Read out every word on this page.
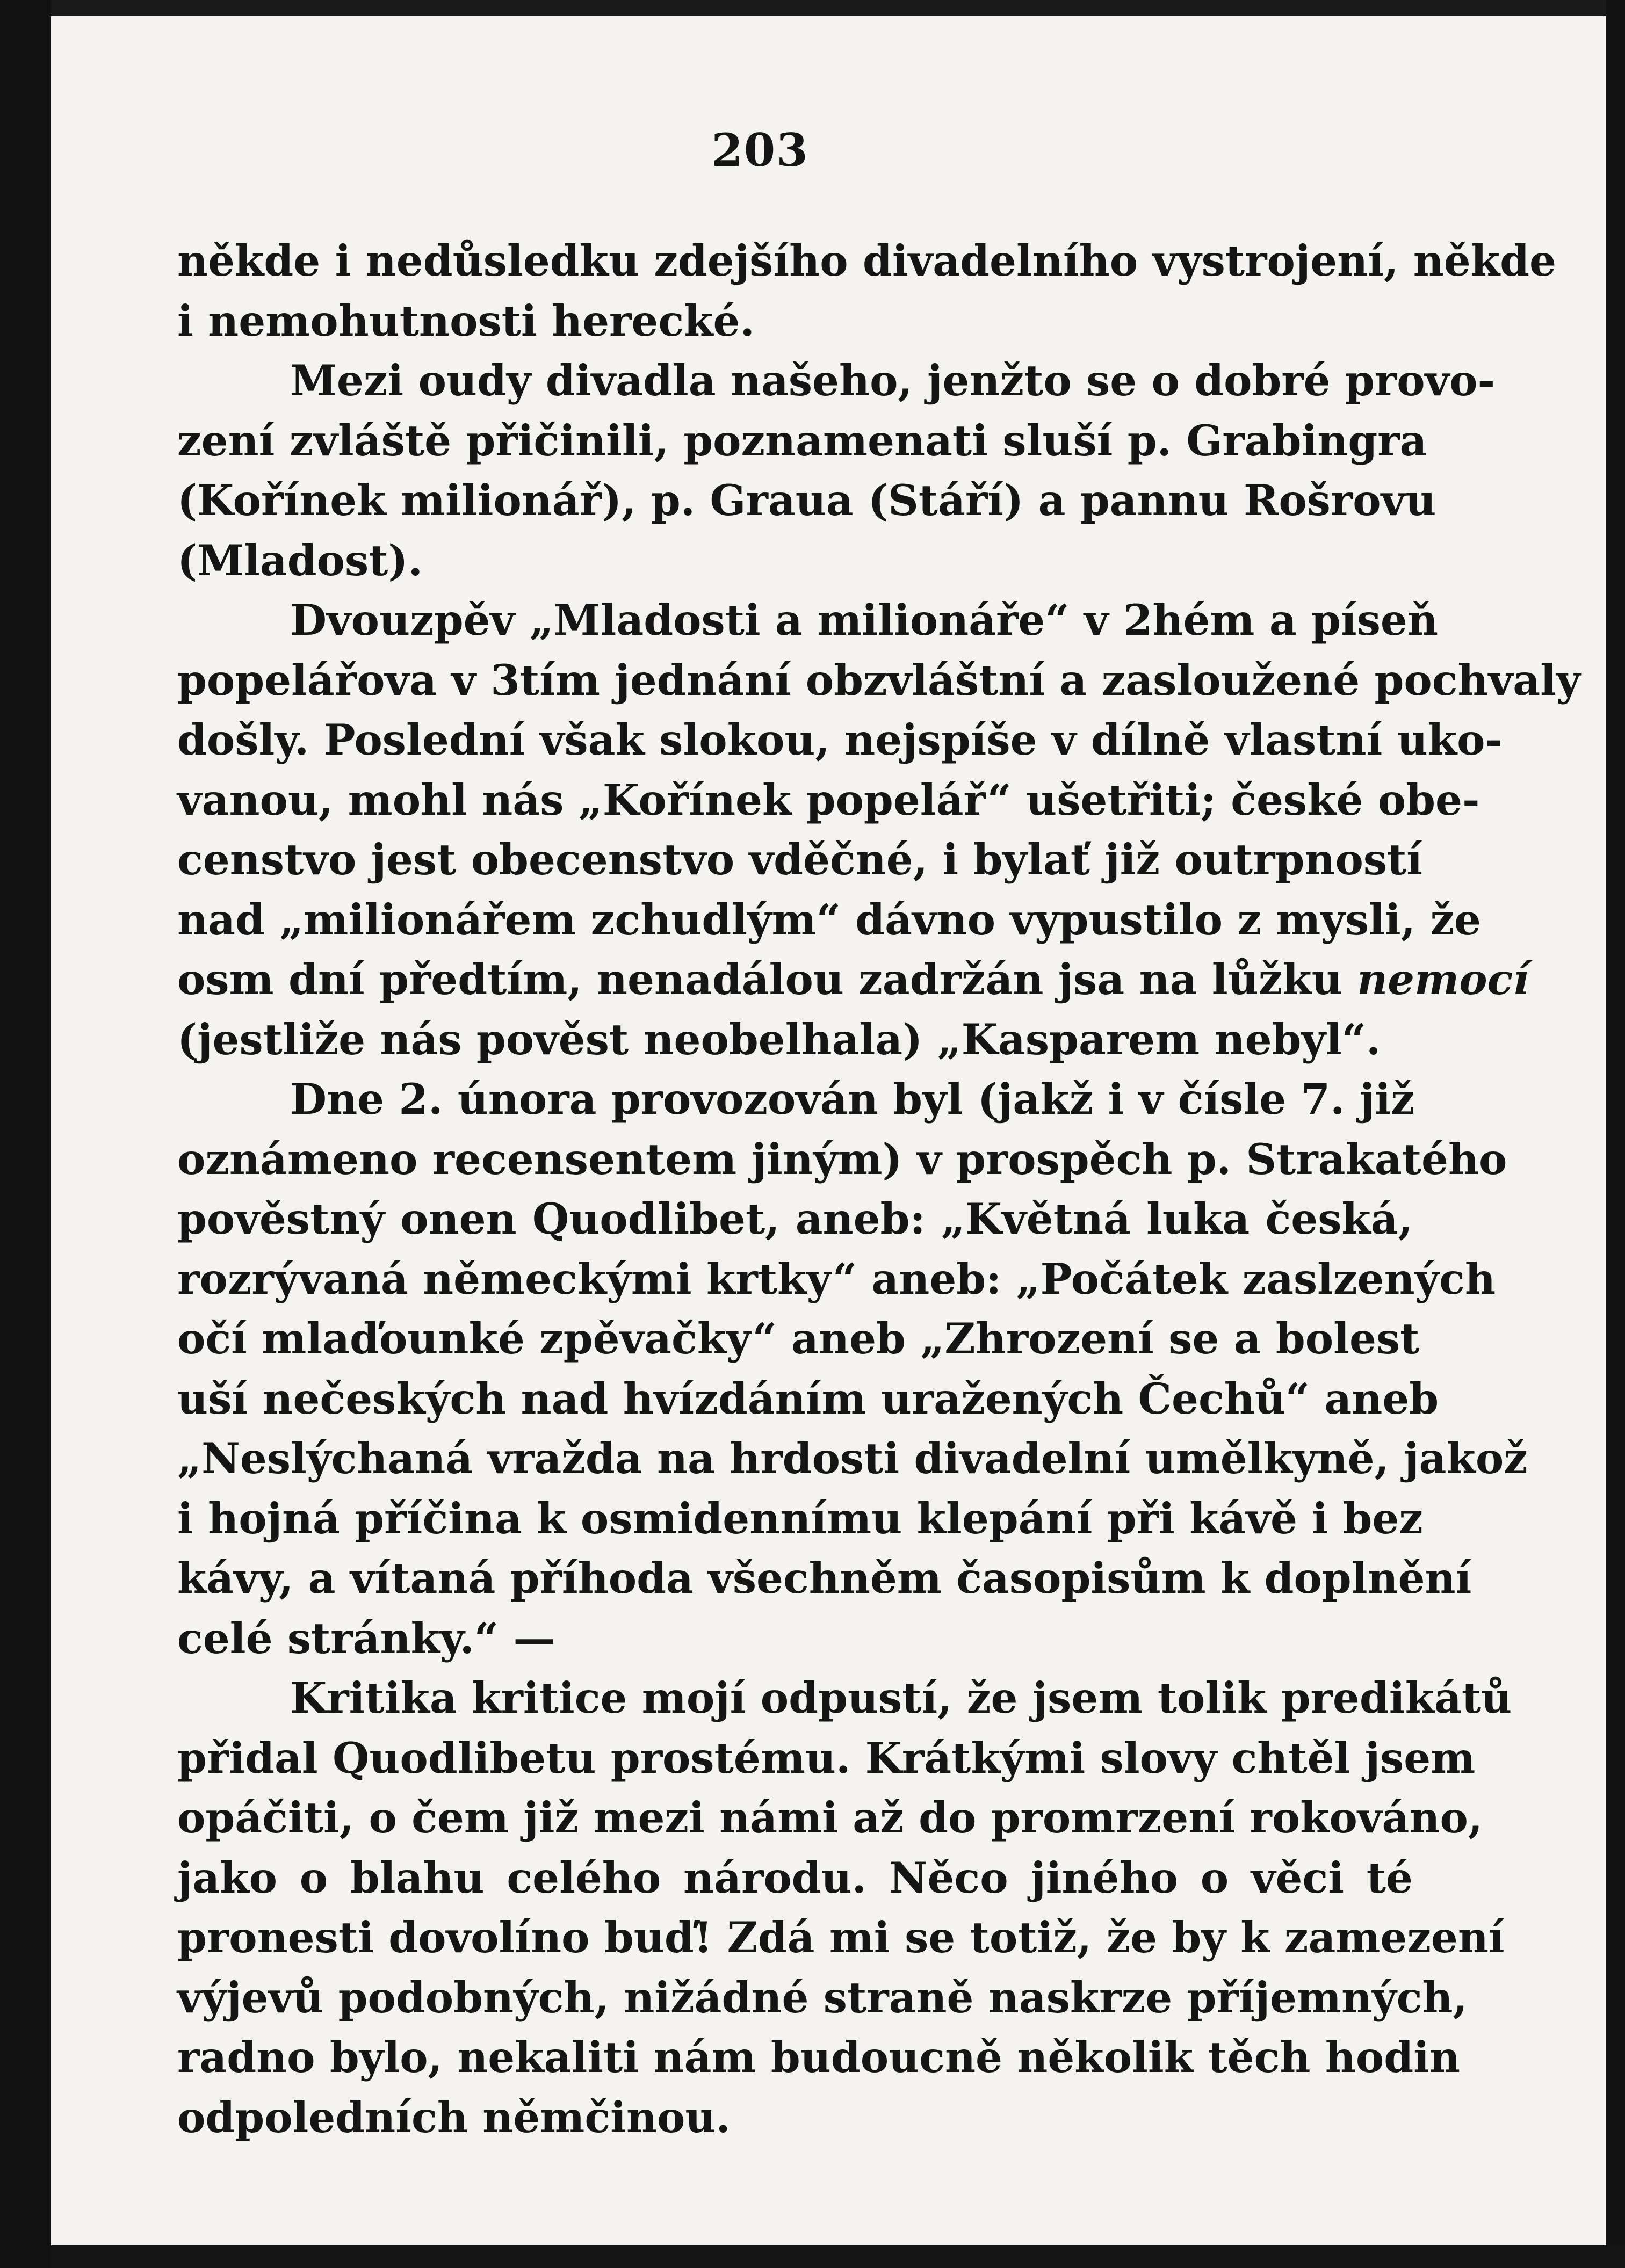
203
někde i nedůsledku zdejšího divadelního vystrojení, někde
i nemohutnosti herecké.
Mezi oudy divadla našeho, jenžto se o dobré provo-
zení zvláště přičinili, poznamenati sluší p. Grabingra
(Kořínek milionář), p. Graua (Stáří) a pannu Rošrovu
(Mladost).
Dvouzpěv „Mladosti a milionáře“ v 2hém a píseň
popelářova v 3tím jednání obzvláštní a zasloužené pochvaly
došly. Poslední však slokou, nejspíše v dílně vlastní uko-
vanou, mohl nás „Kořínek popelář“ ušetřiti; české obe-
censtvo jest obecenstvo vděčné, i bylať již outrpností
nad „milionářem zchudlým“ dávno vypustilo z mysli, že
osm dní předtím, nenadálou zadržán jsa na lůžku nemocí
(jestliže nás pověst neobelhala) „Kasparem nebyl“.
Dne 2. února provozován byl (jakž i v čísle 7. již
oznámeno recensentem jiným) v prospěch p. Strakatého
pověstný onen Quodlibet, aneb: „Květná luka česká,
rozrývaná německými krtky“ aneb: „Počátek zaslzených
očí mlaďounké zpěvačky“ aneb „Zhrození se a bolest
uší nečeských nad hvízdáním uražených Čechů“ aneb
„Neslýchaná vražda na hrdosti divadelní umělkyně, jakož
i hojná příčina k osmidennímu klepání při kávě i bez
kávy, a vítaná příhoda všechněm časopisům k doplnění
celé stránky.“ —
Kritika kritice mojí odpustí, že jsem tolik predikátů
přidal Quodlibetu prostému. Krátkými slovy chtěl jsem
opáčiti, o čem již mezi námi až do promrzení rokováno,
jako o blahu celého národu. Něco jiného o věci té
pronesti dovolíno buď! Zdá mi se totiž, že by k zamezení
výjevů podobných, nižádné straně naskrze příjemných,
radno bylo, nekaliti nám budoucně několik těch hodin
odpoledních němčinou.
